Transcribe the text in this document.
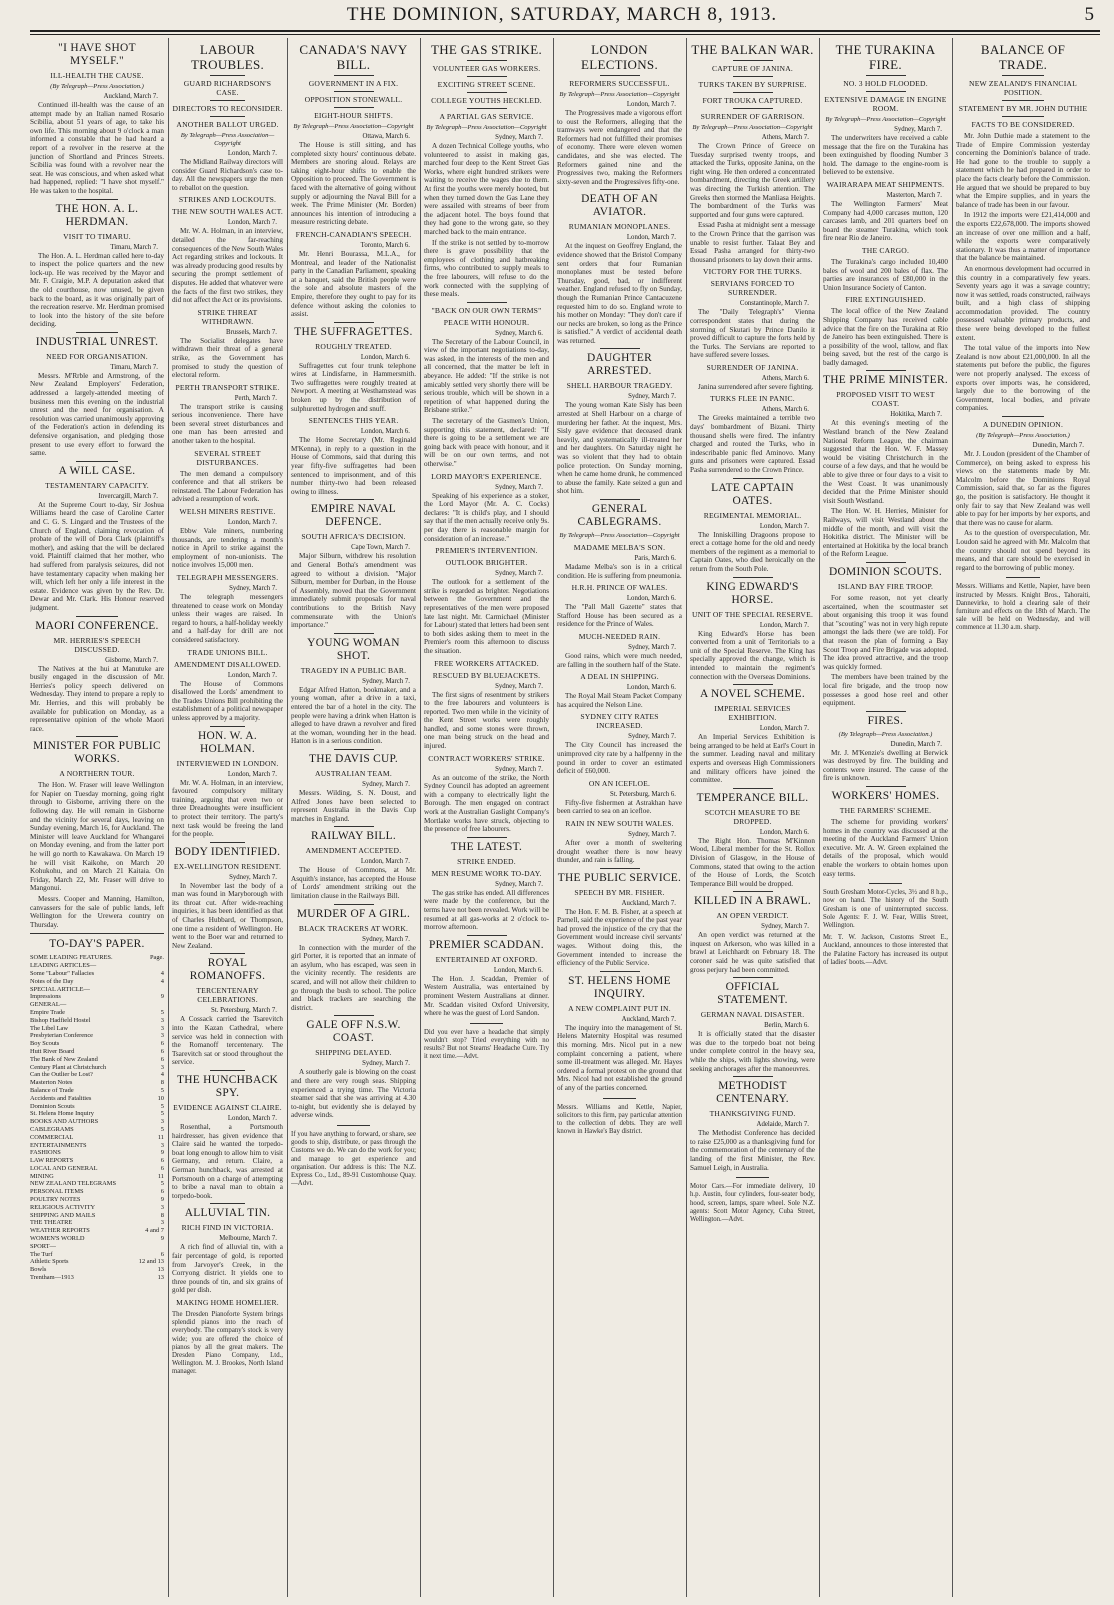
THE DOMINION, SATURDAY, MARCH 8, 1913.	5
"I HAVE SHOT MYSELF."
ILL-HEALTH THE CAUSE.
(By Telegraph—Press Association.)
Auckland, March 7.

Continued ill-health was the cause of an attempt made by an Italian named Rosario Scibilia, about 51 years of age, to take his own life. This morning about 9 o'clock a man informed a constable that he had heard a report of a revolver in the reserve at the junction of Shortland and Princes Streets. Scibilia was found with a revolver near the seat. He was conscious, and when asked what had happened, replied: "I have shot myself." He was taken to the hospital.

THE HON. A. L. HERDMAN.
VISIT TO TIMARU.
Timaru, March 7.

The Hon. A. L. Herdman called here to-day to inspect the police quarters and the new lock-up. He was received by the Mayor and Mr. F. Craigie, M.P. A deputation asked that the old courthouse, now unused, be given back to the board, as it was originally part of the recreation reserve. Mr. Herdman promised to look into the history of the site before deciding.

INDUSTRIAL UNREST.
NEED FOR ORGANISATION.
Timaru, March 7.

Messrs. M'Rrble and Armstrong, of the New Zealand Employers' Federation, addressed a largely-attended meeting of business men this evening on the industrial unrest and the need for organisation. A resolution was carried unanimously approving of the Federation's action in defending its defensive organisation, and pledging those present to use every effort to forward the same.

A WILL CASE.
TESTAMENTARY CAPACITY.
Invercargill, March 7.

At the Supreme Court to-day, Sir Joshua Williams heard the case of Caroline Carter and C. G. S. Lingard and the Trustees of the Church of England, claiming revocation of probate of the will of Dora Clark (plaintiff's mother), and asking that the will be declared void. Plaintiff claimed that her mother, who had suffered from paralysis seizures, did not have testamentary capacity when making her will, which left her only a life interest in the estate. Evidence was given by the Rev. Dr. Dewar and Mr. Clark. His Honour reserved judgment.

MAORI CONFERENCE.
MR. HERRIES'S SPEECH DISCUSSED.
Gisborne, March 7.

The Natives at the hui at Manutuke are busily engaged in the discussion of Mr. Herries's policy speech delivered on Wednesday. They intend to prepare a reply to Mr. Herries, and this will probably be available for publication on Monday, as a representative opinion of the whole Maori race.

MINISTER FOR PUBLIC WORKS.
A NORTHERN TOUR.

The Hon. W. Fraser will leave Wellington for Napier on Tuesday morning, going right through to Gisborne, arriving there on the following day. He will remain in Gisborne and the vicinity for several days, leaving on Sunday evening, March 16, for Auckland. The Minister will leave Auckland for Whangarei on Monday evening, and from the latter port he will go north to Kawakawa. On March 19 he will visit Kaikohe, on March 20 Kohukohu, and on March 21 Kaitaia. On Friday, March 22, Mr. Fraser will drive to Mangonui.

Messrs. Cooper and Manning, Hamilton, canvassers for the sale of public lands, left Wellington for the Urewera country on Thursday.

TO-DAY'S PAPER.
SOME LEADING FEATURES.	Page.
LEADING ARTICLES—
Some "Labour" Fallacies	4
Notes of the Day	4
SPECIAL ARTICLE—
Impressions	9
GENERAL—
Empire Trade	5
Bishop Hadfield Hostel	3
The Libel Law	3
Presbyterian Conference	3
Boy Scouts	6
Hutt River Board	6
The Bank of New Zealand	6
Century Plant at Christchurch	3
Can the Outlier be Lost?	4
Masterton Notes	8
Balance of Trade	5
Accidents and Fatalities	10
Dominion Scouts	5
St. Helens Home Inquiry	5
BOOKS AND AUTHORS	3
CABLEGRAMS	5
COMMERCIAL	11
ENTERTAINMENTS	3
FASHIONS	9
LAW REPORTS	6
LOCAL AND GENERAL	6
MINING	11
NEW ZEALAND TELEGRAMS	5
PERSONAL ITEMS	6
POULTRY NOTES	9
RELIGIOUS ACTIVITY	3
SHIPPING AND MAILS	8
THE THEATRE	3
WEATHER REPORTS	4 and 7
WOMEN'S WORLD	9
SPORT—
The Turf	6
Athletic Sports	12 and 13
Bowls	13
Trentham—1913	13
LABOUR TROUBLES.
GUARD RICHARDSON'S CASE.
DIRECTORS TO RECONSIDER.
ANOTHER BALLOT URGED.
By Telegraph—Press Association—Copyright
London, March 7.

The Midland Railway directors will consider Guard Richardson's case to-day. All the newspapers urge the men to reballot on the question.

STRIKES AND LOCKOUTS.
THE NEW SOUTH WALES ACT.
London, March 7.

Mr. W. A. Holman, in an interview, detailed the far-reaching consequences of the New South Wales Act regarding strikes and lockouts. It was already producing good results by securing the prompt settlement of disputes. He added that whatever were the facts of the first two strikes, they did not affect the Act or its provisions.

STRIKE THREAT WITHDRAWN.
Brussels, March 7.

The Socialist delegates have withdrawn their threat of a general strike, as the Government has promised to study the question of electoral reform.

PERTH TRANSPORT STRIKE.
Perth, March 7.

The transport strike is causing serious inconvenience. There have been several street disturbances and one man has been arrested and another taken to the hospital.

SEVERAL STREET DISTURBANCES.

The men demand a compulsory conference and that all strikers be reinstated. The Labour Federation has advised a resumption of work.

WELSH MINERS RESTIVE.
London, March 7.

Ebbw Vale miners, numbering thousands, are tendering a month's notice in April to strike against the employment of non-unionists. The notice involves 15,000 men.

TELEGRAPH MESSENGERS.
Sydney, March 7.

The telegraph messengers threatened to cease work on Monday unless their wages are raised. In regard to hours, a half-holiday weekly and a half-day for drill are not considered satisfactory.

TRADE UNIONS BILL.
AMENDMENT DISALLOWED.
London, March 7.

The House of Commons disallowed the Lords' amendment to the Trades Unions Bill prohibiting the establishment of a political newspaper unless approved by a majority.

HON. W. A. HOLMAN.
INTERVIEWED IN LONDON.
London, March 7.

Mr. W. A. Holman, in an interview, favoured compulsory military training, arguing that even two or three Dreadnoughts were insufficient to protect their territory. The party's next task would be freeing the land for the people.

BODY IDENTIFIED.
EX-WELLINGTON RESIDENT.
Sydney, March 7.

In November last the body of a man was found in Maryborough with its throat cut. After wide-reaching inquiries, it has been identified as that of Charles Hubbard, or Thompson, one time a resident of Wellington. He went to the Boer war and returned to New Zealand.

ROYAL ROMANOFFS.
TERCENTENARY CELEBRATIONS.
St. Petersburg, March 7.

A Cossack carried the Tsarevitch into the Kazan Cathedral, where service was held in connection with the Romanoff tercentenary. The Tsarevitch sat or stood throughout the service.

THE HUNCHBACK SPY.
EVIDENCE AGAINST CLAIRE.
London, March 7.

Rosenthal, a Portsmouth hairdresser, has given evidence that Claire said he wanted the torpedo-boat long enough to allow him to visit Germany, and return. Claire, a German hunchback, was arrested at Portsmouth on a charge of attempting to bribe a naval man to obtain a torpedo-book.

ALLUVIAL TIN.
RICH FIND IN VICTORIA.
Melbourne, March 7.

A rich find of alluvial tin, with a fair percentage of gold, is reported from Jarvoyer's Creek, in the Corryong district. It yields one to three pounds of tin, and six grains of gold per dish.

MAKING HOME HOMELIER.

The Dresden Pianoforte System brings splendid pianos into the reach of everybody. The company's stock is very wide; you are offered the choice of pianos by all the great makers. The Dresden Piano Company, Ltd., Wellington. M. J. Brookes, North Island manager.

CANADA'S NAVY BILL.
GOVERNMENT IN A FIX.
OPPOSITION STONEWALL.
EIGHT-HOUR SHIFTS.
By Telegraph—Press Association—Copyright
Ottawa, March 6.

The House is still sitting, and has completed sixty hours' continuous debate. Members are snoring aloud. Relays are taking eight-hour shifts to enable the Opposition to proceed. The Government is faced with the alternative of going without supply or adjourning the Naval Bill for a week. The Prime Minister (Mr. Borden) announces his intention of introducing a measure restricting debate.

FRENCH-CANADIAN'S SPEECH.
Toronto, March 6.

Mr. Henri Bourassa, M.L.A., for Montreal, and leader of the Nationalist party in the Canadian Parliament, speaking at a banquet, said the British people were the sole and absolute masters of the Empire, therefore they ought to pay for its defence without asking the colonies to assist.

THE SUFFRAGETTES.
ROUGHLY TREATED.
London, March 6.

Suffragettes cut four trunk telephone wires at Lindisfarne, in Hammersmith. Two suffragettes were roughly treated at Newport. A meeting at Westhamstead was broken up by the distribution of sulphuretted hydrogen and snuff.

SENTENCES THIS YEAR.
London, March 6.

The Home Secretary (Mr. Reginald M'Kenna), in reply to a question in the House of Commons, said that during this year fifty-five suffragettes had been sentenced to imprisonment, and of this number thirty-two had been released owing to illness.

EMPIRE NAVAL DEFENCE.
SOUTH AFRICA'S DECISION.
Cape Town, March 7.

Major Silburn, withdrew his resolution and General Botha's amendment was agreed to without a division. "Major Silburn, member for Durban, in the House of Assembly, moved that the Government immediately submit proposals for naval contributions to the British Navy commensurate with the Union's importance."

YOUNG WOMAN SHOT.
TRAGEDY IN A PUBLIC BAR.
Sydney, March 7.

Edgar Alfred Hatton, bookmaker, and a young woman, after a drive in a taxi, entered the bar of a hotel in the city. The people were having a drink when Hatton is alleged to have drawn a revolver and fired at the woman, wounding her in the head. Hatton is in a serious condition.

THE DAVIS CUP.
AUSTRALIAN TEAM.
Sydney, March 7.

Messrs. Wilding, S. N. Doust, and Alfred Jones have been selected to represent Australia in the Davis Cup matches in England.

RAILWAY BILL.
AMENDMENT ACCEPTED.
London, March 7.

The House of Commons, at Mr. Asquith's instance, has accepted the House of Lords' amendment striking out the limitation clause in the Railways Bill.

MURDER OF A GIRL.
BLACK TRACKERS AT WORK.
Sydney, March 7.

In connection with the murder of the girl Porter, it is reported that an inmate of an asylum, who has escaped, was seen in the vicinity recently. The residents are scared, and will not allow their children to go through the bush to school. The police and black trackers are searching the district.

GALE OFF N.S.W. COAST.
SHIPPING DELAYED.
Sydney, March 7.

A southerly gale is blowing on the coast and there are very rough seas. Shipping experienced a trying time. The Victoria steamer said that she was arriving at 4.30 to-night, but evidently she is delayed by adverse winds.

If you have anything to forward, or share, see goods to ship, distribute, or pass through the Customs we do. We can do the work for you; and manage to get experience and organisation. Our address is this: The N.Z. Express Co., Ltd., 89-91 Customhouse Quay.—Advt.

THE GAS STRIKE.
VOLUNTEER GAS WORKERS.
EXCITING STREET SCENE.
COLLEGE YOUTHS HECKLED.
A PARTIAL GAS SERVICE.
By Telegraph—Press Association—Copyright
Sydney, March 7.

A dozen Technical College youths, who volunteered to assist in making gas, marched four deep to the Kent Street Gas Works, where eight hundred strikers were waiting to receive the wages due to them. At first the youths were merely hooted, but when they turned down the Gas Lane they were assailed with streams of beer from the adjacent hotel. The boys found that they had gone to the wrong gate, so they marched back to the main entrance.

If the strike is not settled by to-morrow there is grave possibility that the employees of clothing and hatbreaking firms, who contributed to supply meals to the free labourers, will refuse to do the work connected with the supplying of these meals.

"BACK ON OUR OWN TERMS"
PEACE WITH HONOUR.
Sydney, March 6.

The Secretary of the Labour Council, in view of the important negotiations to-day, was asked, in the interests of the men and all concerned, that the matter be left in abeyance. He added: "If the strike is not amicably settled very shortly there will be serious trouble, which will be shown in a repetition of what happened during the Brisbane strike."

The secretary of the Gasmen's Union, supporting this statement, declared: "If there is going to be a settlement we are going back with peace with honour, and it will be on our own terms, and not otherwise."

LORD MAYOR'S EXPERIENCE.
Sydney, March 7.

Speaking of his experience as a stoker, the Lord Mayor (Mr. A. C. Cocks) declares: "It is child's play, and I should say that if the men actually receive only 9s. per day there is reasonable margin for consideration of an increase."

PREMIER'S INTERVENTION.
OUTLOOK BRIGHTER.
Sydney, March 7.

The outlook for a settlement of the strike is regarded as brighter. Negotiations between the Government and the representatives of the men were proposed late last night. Mr. Carmichael (Minister for Labour) stated that letters had been sent to both sides asking them to meet in the Premier's room this afternoon to discuss the situation.

FREE WORKERS ATTACKED.
RESCUED BY BLUEJACKETS.
Sydney, March 7.

The first signs of resentment by strikers to the free labourers and volunteers is reported. Two men while in the vicinity of the Kent Street works were roughly handled, and some stones were thrown, one man being struck on the head and injured.

CONTRACT WORKERS' STRIKE.
Sydney, March 7.

As an outcome of the strike, the North Sydney Council has adopted an agreement with a company to electrically light the Borough. The men engaged on contract work at the Australian Gaslight Company's Mortlake works have struck, objecting to the presence of free labourers.

THE LATEST.
STRIKE ENDED.
MEN RESUME WORK TO-DAY.
Sydney, March 7.

The gas strike has ended. All differences were made by the conference, but the terms have not been revealed. Work will be resumed at all gas-works at 2 o'clock to-morrow afternoon.

PREMIER SCADDAN.
ENTERTAINED AT OXFORD.
London, March 6.

The Hon. J. Scaddan, Premier of Western Australia, was entertained by prominent Western Australians at dinner. Mr. Scaddan visited Oxford University, where he was the guest of Lord Sandon.

Did you ever have a headache that simply wouldn't stop? Tried everything with no results? But not Stearns' Headache Cure. Try it next time.—Advt.

LONDON ELECTIONS.
REFORMERS SUCCESSFUL.
By Telegraph—Press Association—Copyright
London, March 7.

The Progressives made a vigorous effort to oust the Reformers, alleging that the tramways were endangered and that the Reformers had not fulfilled their promises of economy. There were eleven women candidates, and she was elected. The Reformers gained nine and the Progressives two, making the Reformers sixty-seven and the Progressives fifty-one.

DEATH OF AN AVIATOR.
RUMANIAN MONOPLANES.
London, March 7.

At the inquest on Geoffrey England, the evidence showed that the Bristol Company sent orders that four Rumanian monoplanes must be tested before Thursday, good, bad, or indifferent weather. England refused to fly on Sunday, though the Rumanian Prince Cantacuzene requested him to do so. England wrote to his mother on Monday: "They don't care if our necks are broken, so long as the Prince is satisfied." A verdict of accidental death was returned.

DAUGHTER ARRESTED.
SHELL HARBOUR TRAGEDY.
Sydney, March 7.

The young woman Kate Sisly has been arrested at Shell Harbour on a charge of murdering her father. At the inquest, Mrs. Sisly gave evidence that deceased drank heavily, and systematically ill-treated her and her daughters. On Saturday night he was so violent that they had to obtain police protection. On Sunday morning, when he came home drunk, he commenced to abuse the family. Kate seized a gun and shot him.

GENERAL CABLEGRAMS.
By Telegraph—Press Association—Copyright
MADAME MELBA'S SON.
Paris, March 6.

Madame Melba's son is in a critical condition. He is suffering from pneumonia.

H.R.H. PRINCE OF WALES.
London, March 6.

The "Pall Mall Gazette" states that Stafford House has been secured as a residence for the Prince of Wales.

MUCH-NEEDED RAIN.
Sydney, March 7.

Good rains, which were much needed, are falling in the southern half of the State.

A DEAL IN SHIPPING.
London, March 6.

The Royal Mail Steam Packet Company has acquired the Nelson Line.

SYDNEY CITY RATES INCREASED.
Sydney, March 7.

The City Council has increased the unimproved city rate by a halfpenny in the pound in order to cover an estimated deficit of £60,000.

ON AN ICEFLOE.
St. Petersburg, March 6.

Fifty-five fishermen at Astrakhan have been carried to sea on an icefloe.

RAIN IN NEW SOUTH WALES.
Sydney, March 7.

After over a month of sweltering drought weather there is now heavy thunder, and rain is falling.

THE PUBLIC SERVICE.
SPEECH BY MR. FISHER.
Auckland, March 7.

The Hon. F. M. B. Fisher, at a speech at Parnell, said the experience of the past year had proved the injustice of the cry that the Government would increase civil servants' wages. Without doing this, the Government intended to increase the efficiency of the Public Service.

ST. HELENS HOME INQUIRY.
A NEW COMPLAINT PUT IN.
Auckland, March 7.

The inquiry into the management of St. Helens Maternity Hospital was resumed this morning. Mrs. Nicol put in a new complaint concerning a patient, where some ill-treatment was alleged. Mr. Hayes ordered a formal protest on the ground that Mrs. Nicol had not established the ground of any of the parties concerned.

Messrs. Williams and Kettle, Napier, solicitors to this firm, pay particular attention to the collection of debts. They are well known in Hawke's Bay district.

THE BALKAN WAR.
CAPTURE OF JANINA.
TURKS TAKEN BY SURPRISE.
FORT TROUKA CAPTURED.
SURRENDER OF GARRISON.
By Telegraph—Press Association—Copyright
Athens, March 7.

The Crown Prince of Greece on Tuesday surprised twenty troops, and attacked the Turks, opposite Janina, on the right wing. He then ordered a concentrated bombardment, directing the Greek artillery was directing the Turkish attention. The Greeks then stormed the Manliasa Heights. The bombardment of the Turks was supported and four guns were captured.

Essad Pasha at midnight sent a message to the Crown Prince that the garrison was unable to resist further. Talaat Bey and Essad Pasha arranged for thirty-two thousand prisoners to lay down their arms.

VICTORY FOR THE TURKS.
SERVIANS FORCED TO SURRENDER.
Constantinople, March 7.

The "Daily Telegraph's" Vienna correspondent states that during the storming of Skutari by Prince Danilo it proved difficult to capture the forts held by the Turks. The Servians are reported to have suffered severe losses.

SURRENDER OF JANINA.
Athens, March 6.

Janina surrendered after severe fighting.

TURKS FLEE IN PANIC.
Athens, March 6.

The Greeks maintained a terrible two days' bombardment of Bizani. Thirty thousand shells were fired. The infantry charged and routed the Turks, who in indescribable panic fled Aminovo. Many guns and prisoners were captured. Essad Pasha surrendered to the Crown Prince.

LATE CAPTAIN OATES.
REGIMENTAL MEMORIAL.
London, March 7.

The Inniskilling Dragoons propose to erect a cottage home for the old and needy members of the regiment as a memorial to Captain Oates, who died heroically on the return from the South Pole.

KING EDWARD'S HORSE.
UNIT OF THE SPECIAL RESERVE.
London, March 7.

King Edward's Horse has been converted from a unit of Territorials to a unit of the Special Reserve. The King has specially approved the change, which is intended to maintain the regiment's connection with the Overseas Dominions.

A NOVEL SCHEME.
IMPERIAL SERVICES EXHIBITION.
London, March 7.

An Imperial Services Exhibition is being arranged to be held at Earl's Court in the summer. Leading naval and military experts and overseas High Commissioners and military officers have joined the committee.

TEMPERANCE BILL.
SCOTCH MEASURE TO BE DROPPED.
London, March 6.

The Right Hon. Thomas M'Kinnon Wood, Liberal member for the St. Rollox Division of Glasgow, in the House of Commons, stated that owing to the action of the House of Lords, the Scotch Temperance Bill would be dropped.

KILLED IN A BRAWL.
AN OPEN VERDICT.
Sydney, March 7.

An open verdict was returned at the inquest on Arkerson, who was killed in a brawl at Leichhardt on February 18. The coroner said he was quite satisfied that gross perjury had been committed.

OFFICIAL STATEMENT.
GERMAN NAVAL DISASTER.
Berlin, March 6.

It is officially stated that the disaster was due to the torpedo boat not being under complete control in the heavy sea, while the ships, with lights showing, were seeking anchorages after the manoeuvres.

METHODIST CENTENARY.
THANKSGIVING FUND.
Adelaide, March 7.

The Methodist Conference has decided to raise £25,000 as a thanksgiving fund for the commemoration of the centenary of the landing of the first Minister, the Rev. Samuel Leigh, in Australia.

Motor Cars.—For immediate delivery, 10 h.p. Austin, four cylinders, four-seater body, hood, screen, lamps, spare wheel. Sole N.Z. agents: Scott Motor Agency, Cuba Street, Wellington.—Advt.

THE TURAKINA FIRE.
NO. 3 HOLD FLOODED.
EXTENSIVE DAMAGE IN ENGINE ROOM.
By Telegraph—Press Association—Copyright
Sydney, March 7.

The underwriters have received a cable message that the fire on the Turakina has been extinguished by flooding Number 3 hold. The damage to the engine-room is believed to be extensive.

WAIRARAPA MEAT SHIPMENTS.
Masterton, March 7.

The Wellington Farmers' Meat Company had 4,000 carcases mutton, 120 carcases lamb, and 201 quarters beef on board the steamer Turakina, which took fire near Rio de Janeiro.

THE CARGO.

The Turakina's cargo included 10,400 bales of wool and 200 bales of flax. The parties are insurances of £80,000 in the Union Insurance Society of Canton.

FIRE EXTINGUISHED.

The local office of the New Zealand Shipping Company has received cable advice that the fire on the Turakina at Rio de Janeiro has been extinguished. There is a possibility of the wool, tallow, and flax being saved, but the rest of the cargo is badly damaged.

THE PRIME MINISTER.
PROPOSED VISIT TO WEST COAST.
Hokitika, March 7.

At this evening's meeting of the Westland branch of the New Zealand National Reform League, the chairman suggested that the Hon. W. F. Massey would be visiting Christchurch in the course of a few days, and that he would be able to give three or four days to a visit to the West Coast. It was unanimously decided that the Prime Minister should visit South Westland.

The Hon. W. H. Herries, Minister for Railways, will visit Westland about the middle of the month, and will visit the Hokitika district. The Minister will be entertained at Hokitika by the local branch of the Reform League.

DOMINION SCOUTS.
ISLAND BAY FIRE TROOP.

For some reason, not yet clearly ascertained, when the scoutmaster set about organising this troop it was found that "scouting" was not in very high repute amongst the lads there (we are told). For that reason the plan of forming a Bay Scout Troop and Fire Brigade was adopted. The idea proved attractive, and the troop was quickly formed.

The members have been trained by the local fire brigade, and the troop now possesses a good hose reel and other equipment.

FIRES.
(By Telegraph—Press Association.)
Dunedin, March 7.

Mr. J. M'Kenzie's dwelling at Berwick was destroyed by fire. The building and contents were insured. The cause of the fire is unknown.

WORKERS' HOMES.
THE FARMERS' SCHEME.

The scheme for providing workers' homes in the country was discussed at the meeting of the Auckland Farmers' Union executive. Mr. A. W. Green explained the details of the proposal, which would enable the workers to obtain homes upon easy terms.

South Gresham Motor-Cycles, 3½ and 8 h.p., now on hand. The history of the South Gresham is one of uninterrupted success. Sole Agents: F. J. W. Fear, Willis Street, Wellington.

Mr. T. W. Jackson, Customs Street E., Auckland, announces to those interested that the Palatine Factory has increased its output of ladies' boots.—Advt.

BALANCE OF TRADE.
NEW ZEALAND'S FINANCIAL POSITION.
STATEMENT BY MR. JOHN DUTHIE
FACTS TO BE CONSIDERED.

Mr. John Duthie made a statement to the Trade of Empire Commission yesterday concerning the Dominion's balance of trade. He had gone to the trouble to supply a statement which he had prepared in order to place the facts clearly before the Commission. He argued that we should be prepared to buy what the Empire supplies, and in years the balance of trade has been in our favour.

In 1912 the imports were £21,414,000 and the exports £22,678,000. The imports showed an increase of over one million and a half, while the exports were comparatively stationary. It was thus a matter of importance that the balance be maintained.

An enormous development had occurred in this country in a comparatively few years. Seventy years ago it was a savage country; now it was settled, roads constructed, railways built, and a high class of shipping accommodation provided. The country possessed valuable primary products, and these were being developed to the fullest extent.

The total value of the imports into New Zealand is now about £21,000,000. In all the statements put before the public, the figures were not properly analysed. The excess of exports over imports was, he considered, largely due to the borrowing of the Government, local bodies, and private companies.

A DUNEDIN OPINION.
(By Telegraph—Press Association.)
Dunedin, March 7.

Mr. J. Loudon (president of the Chamber of Commerce), on being asked to express his views on the statements made by Mr. Malcolm before the Dominions Royal Commission, said that, so far as the figures go, the position is satisfactory. He thought it only fair to say that New Zealand was well able to pay for her imports by her exports, and that there was no cause for alarm.

As to the question of overspeculation, Mr. Loudon said he agreed with Mr. Malcolm that the country should not spend beyond its means, and that care should be exercised in regard to the borrowing of public money.

Messrs. Williams and Kettle, Napier, have been instructed by Messrs. Knight Bros., Tahoraiti, Dannevirke, to hold a clearing sale of their furniture and effects on the 18th of March. The sale will be held on Wednesday, and will commence at 11.30 a.m. sharp.
